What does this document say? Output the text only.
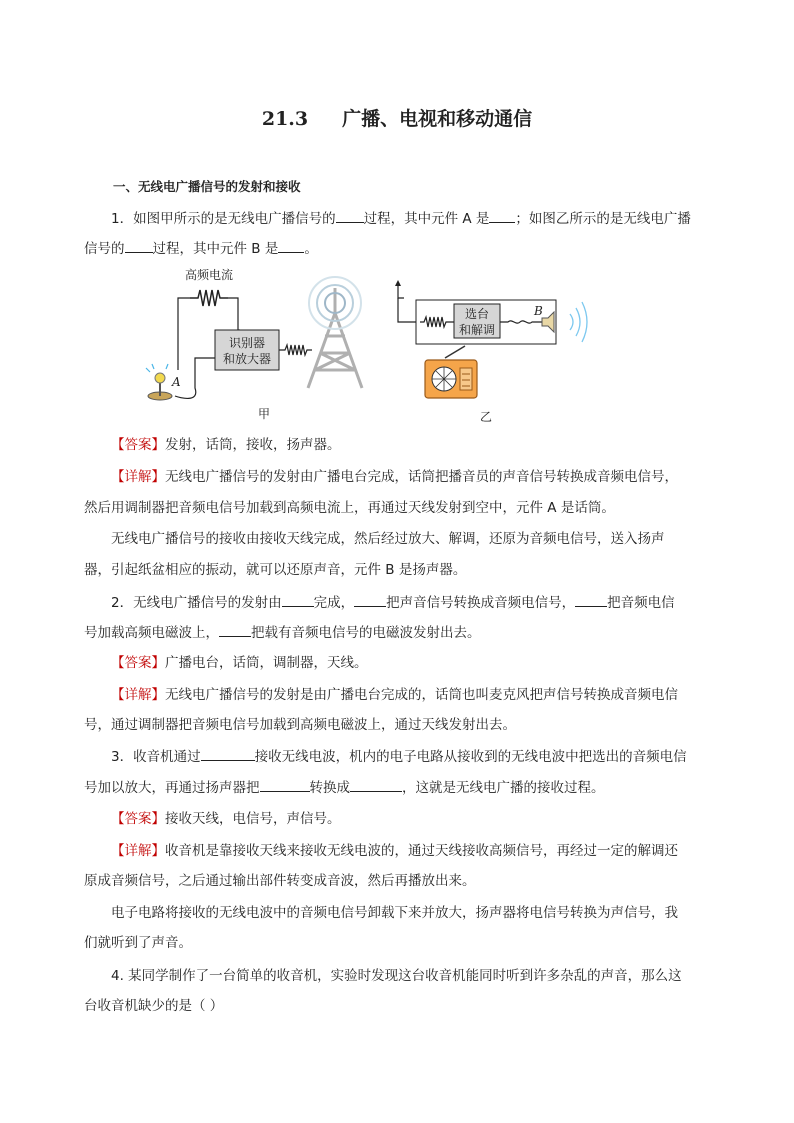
21.3 广播、电视和移动通信
一、无线电广播信号的发射和接收
1．如图甲所示的是无线电广播信号的 过程，其中元件 A 是 ；如图乙所示的是无线电广播
信号的 过程，其中元件 B 是 。
高频电流
识别器
和放大器
A
甲
选台
和解调
B
乙
【答案】发射，话筒，接收，扬声器。
【详解】无线电广播信号的发射由广播电台完成，话筒把播音员的声音信号转换成音频电信号，
然后用调制器把音频电信号加载到高频电流上，再通过天线发射到空中，元件 A 是话筒。
无线电广播信号的接收由接收天线完成，然后经过放大、解调，还原为音频电信号，送入扬声
器，引起纸盆相应的振动，就可以还原声音，元件 B 是扬声器。
2．无线电广播信号的发射由 完成， 把声音信号转换成音频电信号， 把音频电信
号加载高频电磁波上， 把载有音频电信号的电磁波发射出去。
【答案】广播电台，话筒，调制器，天线。
【详解】无线电广播信号的发射是由广播电台完成的，话筒也叫麦克风把声信号转换成音频电信
号，通过调制器把音频电信号加载到高频电磁波上，通过天线发射出去。
3．收音机通过	接收无线电波，机内的电子电路从接收到的无线电波中把选出的音频电信
号加以放大，再通过扬声器把	转换成	，这就是无线电广播的接收过程。
【答案】接收天线，电信号，声信号。
【详解】收音机是靠接收天线来接收无线电波的，通过天线接收高频信号，再经过一定的解调还
原成音频信号，之后通过输出部件转变成音波，然后再播放出来。
电子电路将接收的无线电波中的音频电信号卸载下来并放大，扬声器将电信号转换为声信号，我
们就听到了声音。
4. 某同学制作了一台简单的收音机，实验时发现这台收音机能同时听到许多杂乱的声音，那么这
台收音机缺少的是（ ）
